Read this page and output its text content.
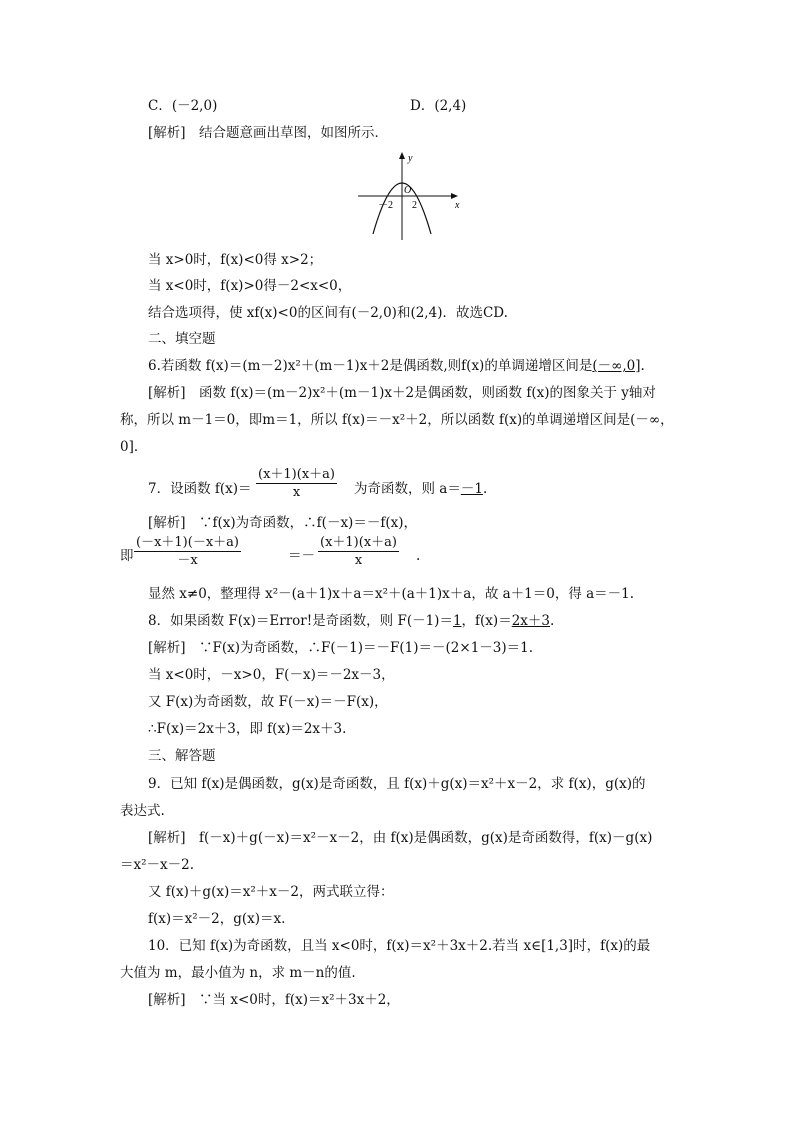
C．(－2,0)	D．(2,4)
[解析]　结合题意画出草图，如图所示．
y
x
O
－2 2
当 x>0时，f(x)<0得 x>2；
当 x<0时，f(x)>0得－2<x<0，
结合选项得，使 xf(x)<0的区间有(－2,0)和(2,4)．故选CD.
二、填空题
6.若函数 f(x)＝(m－2)x²＋(m－1)x＋2是偶函数,则f(x)的单调递增区间是(－∞,0].
[解析]　函数 f(x)＝(m－2)x²＋(m－1)x＋2是偶函数，则函数 f(x)的图象关于 y轴对
称，所以 m－1＝0，即m＝1，所以 f(x)＝－x²＋2，所以函数 f(x)的单调递增区间是(－∞，
0]．
7．设函数 $f(x)= \frac{(x+1)(x+a)}{x}$ 为奇函数，则 a＝－1.
[解析]　∵f(x)为奇函数，∴f(－x)＝－f(x)，
即 $\frac{(-x+1)(-x+a)}{-x}$	＝－ $\frac{(x+1)(x+a)}{x}$ .
显然 x≠0，整理得 x²－(a＋1)x＋a＝x²＋(a＋1)x＋a，故 a＋1＝0，得 a＝－1.
8．如果函数 F(x)＝Error!是奇函数，则 F(－1)＝1，f(x)＝2x＋3.
[解析]　∵F(x)为奇函数，∴F(－1)＝－F(1)＝－(2×1－3)＝1.
当 x<0时，－x>0，F(－x)＝－2x－3，
又 F(x)为奇函数，故 F(－x)＝－F(x)，
∴F(x)＝2x＋3，即 f(x)＝2x＋3.
三、解答题
9．已知 f(x)是偶函数，g(x)是奇函数，且 f(x)＋g(x)＝x²＋x－2，求 f(x)，g(x)的
表达式.
[解析]　f(－x)＋g(－x)＝x²－x－2，由 f(x)是偶函数，g(x)是奇函数得，f(x)－g(x)
＝x²－x－2.
又 f(x)＋g(x)＝x²＋x－2，两式联立得：
f(x)＝x²－2，g(x)＝x.
10．已知 f(x)为奇函数，且当 x<0时，f(x)＝x²＋3x＋2.若当 x∈[1,3]时，f(x)的最
大值为 m，最小值为 n，求 m－n的值.
[解析]　∵当 x<0时，f(x)＝x²＋3x＋2，
